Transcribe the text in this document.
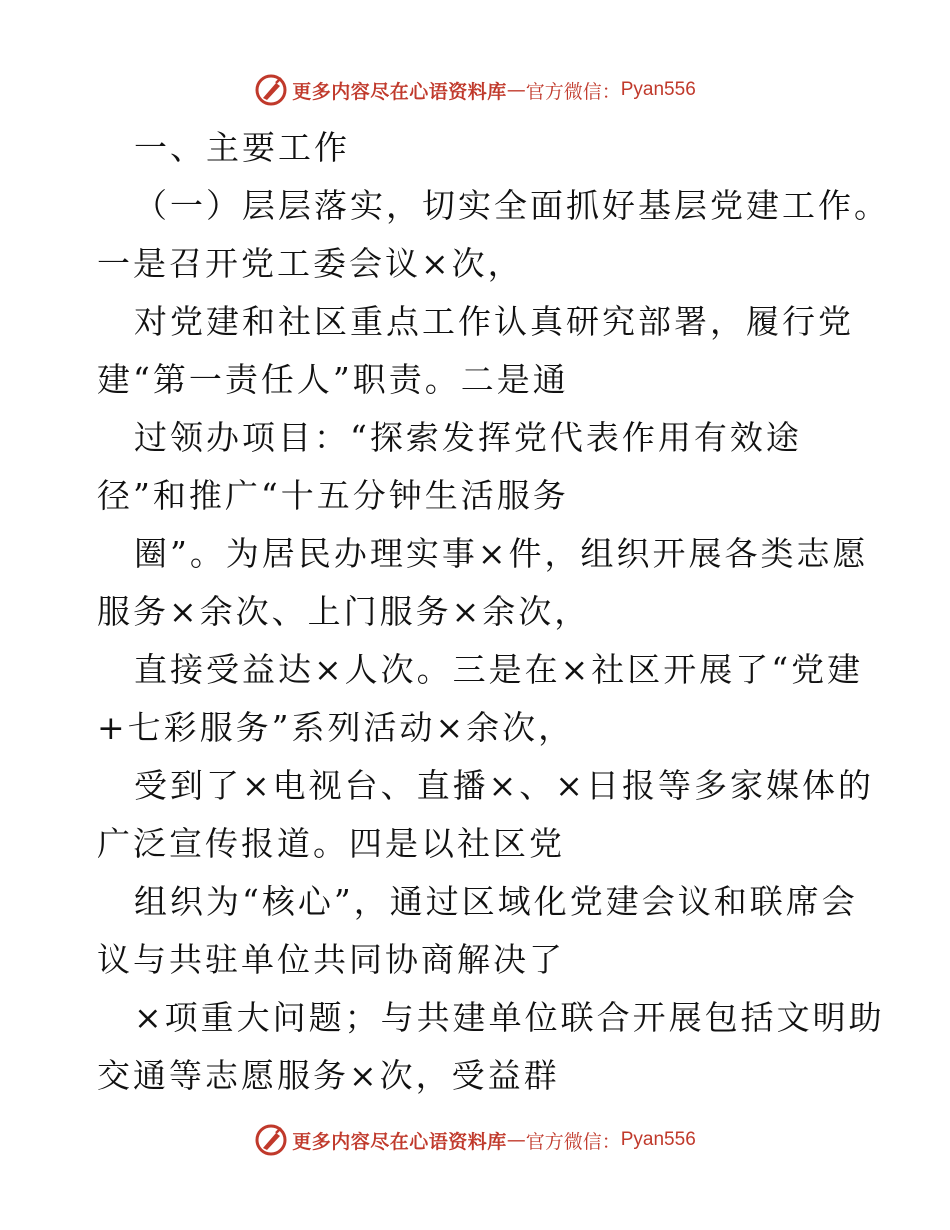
更多内容尽在心语资料库 — 官方微信： Pyan556
一、主要工作
（一）层层落实，切实全面抓好基层党建工作。
一是召开党工委会议×次，
对党建和社区重点工作认真研究部署，履行党
建“第一责任人”职责。二是通
过领办项目：“探索发挥党代表作用有效途
径”和推广“十五分钟生活服务
圈”。为居民办理实事×件，组织开展各类志愿
服务×余次、上门服务×余次，
直接受益达×人次。三是在×社区开展了“党建
+七彩服务”系列活动×余次，
受到了×电视台、直播×、×日报等多家媒体的
广泛宣传报道。四是以社区党
组织为“核心”，通过区域化党建会议和联席会
议与共驻单位共同协商解决了
×项重大问题；与共建单位联合开展包括文明助
交通等志愿服务×次，受益群
更多内容尽在心语资料库 — 官方微信： Pyan556
